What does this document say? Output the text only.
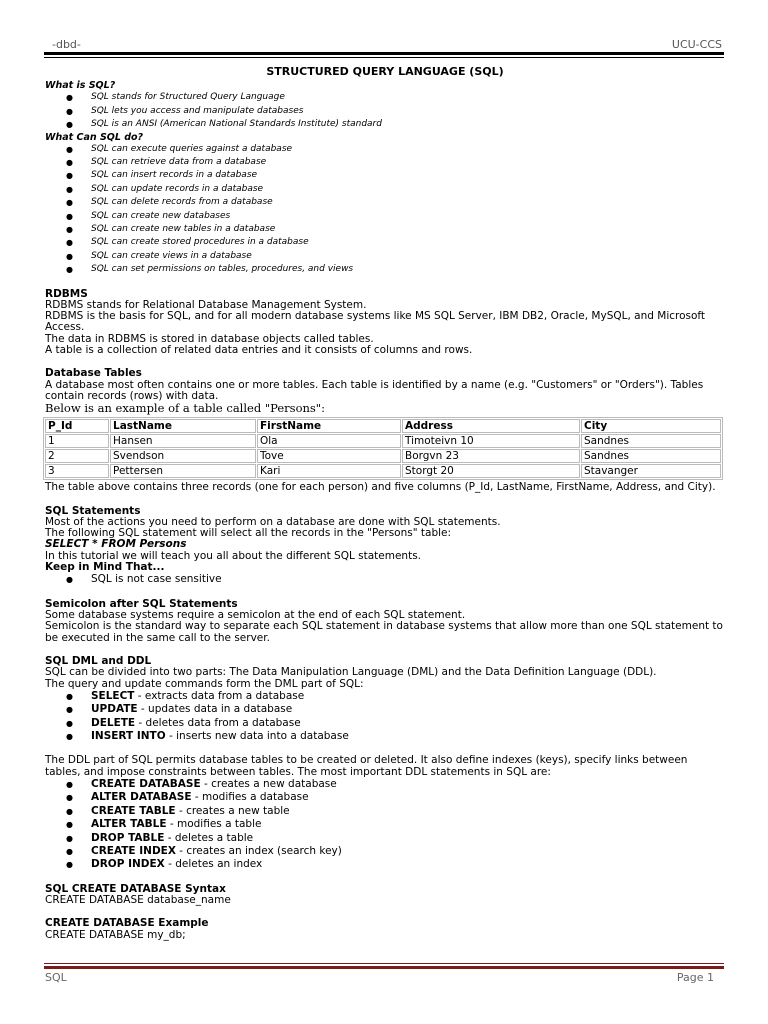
-dbd-	UCU-CCS
STRUCTURED QUERY LANGUAGE (SQL)
What is SQL?
● SQL stands for Structured Query Language
● SQL lets you access and manipulate databases
● SQL is an ANSI (American National Standards Institute) standard
What Can SQL do?
● SQL can execute queries against a database
● SQL can retrieve data from a database
● SQL can insert records in a database
● SQL can update records in a database
● SQL can delete records from a database
● SQL can create new databases
● SQL can create new tables in a database
● SQL can create stored procedures in a database
● SQL can create views in a database
● SQL can set permissions on tables, procedures, and views
RDBMS
RDBMS stands for Relational Database Management System.
RDBMS is the basis for SQL, and for all modern database systems like MS SQL Server, IBM DB2, Oracle, MySQL, and Microsoft Access.
The data in RDBMS is stored in database objects called tables.
A table is a collection of related data entries and it consists of columns and rows.
Database Tables
A database most often contains one or more tables. Each table is identified by a name (e.g. "Customers" or "Orders"). Tables contain records (rows) with data.
Below is an example of a table called "Persons":
P_Id	LastName	FirstName	Address	City
1	Hansen	Ola	Timoteivn 10	Sandnes
2	Svendson	Tove	Borgvn 23	Sandnes
3	Pettersen	Kari	Storgt 20	Stavanger
The table above contains three records (one for each person) and five columns (P_Id, LastName, FirstName, Address, and City).
SQL Statements
Most of the actions you need to perform on a database are done with SQL statements.
The following SQL statement will select all the records in the "Persons" table:
SELECT * FROM Persons
In this tutorial we will teach you all about the different SQL statements.
Keep in Mind That...
● SQL is not case sensitive
Semicolon after SQL Statements
Some database systems require a semicolon at the end of each SQL statement.
Semicolon is the standard way to separate each SQL statement in database systems that allow more than one SQL statement to be executed in the same call to the server.
SQL DML and DDL
SQL can be divided into two parts: The Data Manipulation Language (DML) and the Data Definition Language (DDL).
The query and update commands form the DML part of SQL:
● SELECT - extracts data from a database
● UPDATE - updates data in a database
● DELETE - deletes data from a database
● INSERT INTO - inserts new data into a database
The DDL part of SQL permits database tables to be created or deleted. It also define indexes (keys), specify links between tables, and impose constraints between tables. The most important DDL statements in SQL are:
● CREATE DATABASE - creates a new database
● ALTER DATABASE - modifies a database
● CREATE TABLE - creates a new table
● ALTER TABLE - modifies a table
● DROP TABLE - deletes a table
● CREATE INDEX - creates an index (search key)
● DROP INDEX - deletes an index
SQL CREATE DATABASE Syntax
CREATE DATABASE database_name
CREATE DATABASE Example
CREATE DATABASE my_db;
SQL	Page 1
